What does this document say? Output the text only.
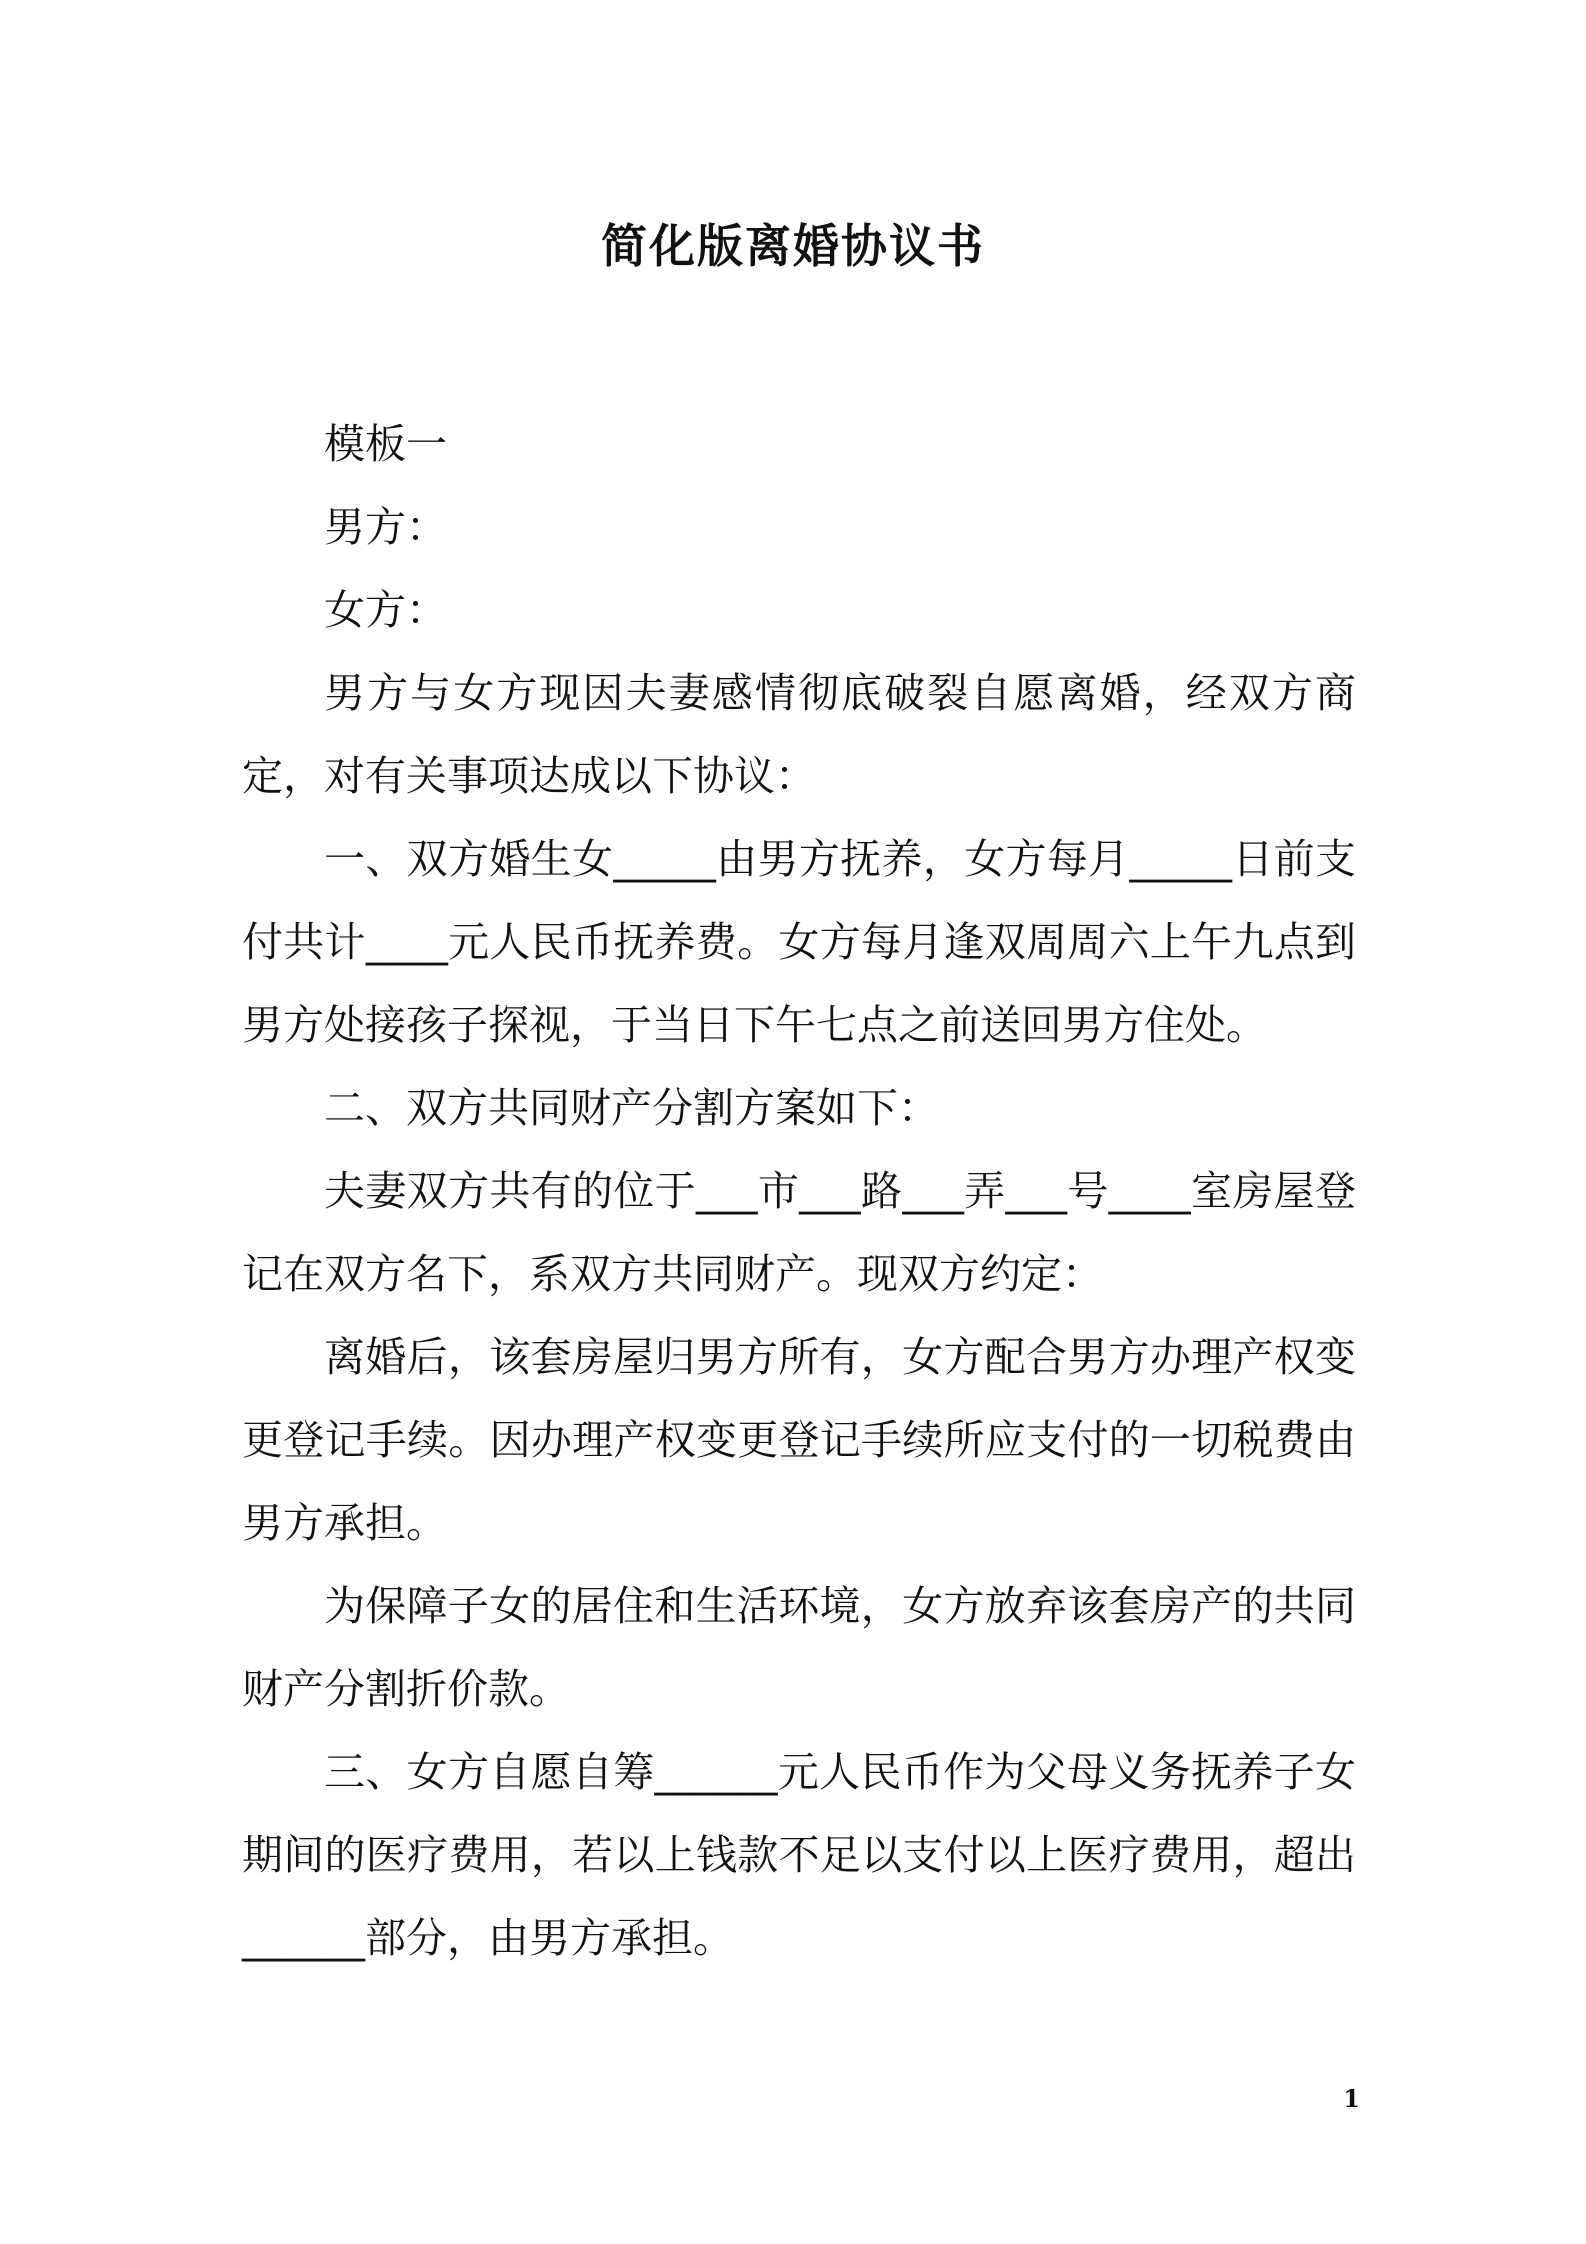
简化版离婚协议书

模板一

男方：

女方：

男方与女方现因夫妻感情彻底破裂自愿离婚，经双方商定，对有关事项达成以下协议：

一、双方婚生女_____由男方抚养，女方每月_____日前支付共计____元人民币抚养费。女方每月逢双周周六上午九点到男方处接孩子探视，于当日下午七点之前送回男方住处。

二、双方共同财产分割方案如下：

夫妻双方共有的位于___市___路___弄___号____室房屋登记在双方名下，系双方共同财产。现双方约定：

离婚后，该套房屋归男方所有，女方配合男方办理产权变更登记手续。因办理产权变更登记手续所应支付的一切税费由男方承担。

为保障子女的居住和生活环境，女方放弃该套房产的共同财产分割折价款。

三、女方自愿自筹______元人民币作为父母义务抚养子女期间的医疗费用，若以上钱款不足以支付以上医疗费用，超出______部分，由男方承担。

1
